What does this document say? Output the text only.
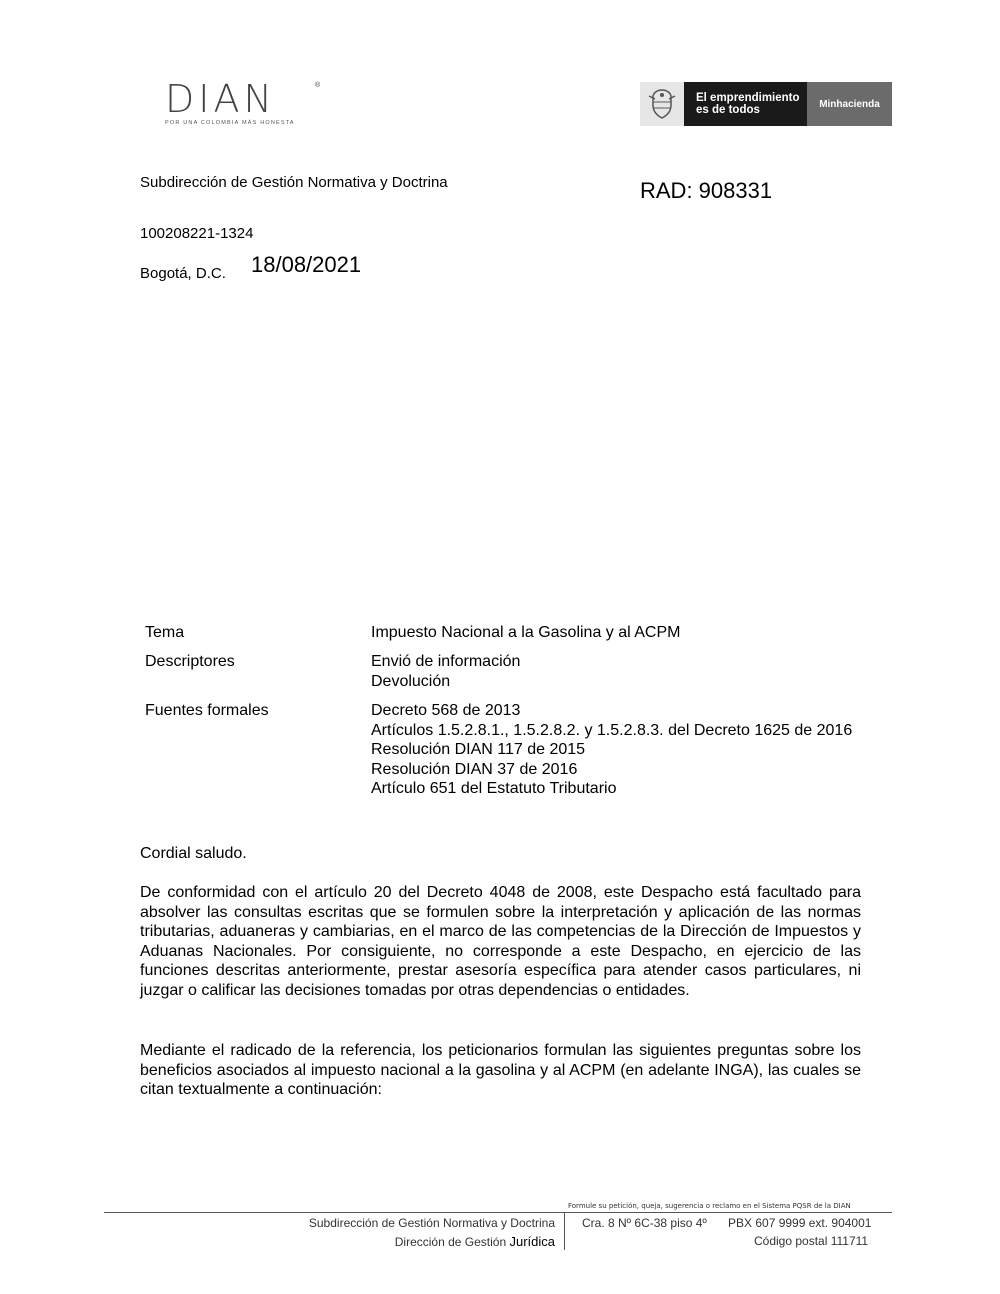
DIAN	®
POR UNA COLOMBIA MÁS HONESTA
El emprendimiento
es de todos	Minhacienda
Subdirección de Gestión Normativa y Doctrina	RAD: 908331
100208221-1324
Bogotá, D.C. 18/08/2021
Tema	Impuesto Nacional a la Gasolina y al ACPM
Descriptores	Envió de información
Devolución
Fuentes formales	Decreto 568 de 2013
Artículos 1.5.2.8.1., 1.5.2.8.2. y 1.5.2.8.3. del Decreto 1625 de 2016
Resolución DIAN 117 de 2015
Resolución DIAN 37 de 2016
Artículo 651 del Estatuto Tributario
Cordial saludo.
De conformidad con el artículo 20 del Decreto 4048 de 2008, este Despacho está facultado para absolver las consultas escritas que se formulen sobre la interpretación y aplicación de las normas tributarias, aduaneras y cambiarias, en el marco de las competencias de la Dirección de Impuestos y Aduanas Nacionales. Por consiguiente, no corresponde a este Despacho, en ejercicio de las funciones descritas anteriormente, prestar asesoría específica para atender casos particulares, ni juzgar o calificar las decisiones tomadas por otras dependencias o entidades.
Mediante el radicado de la referencia, los peticionarios formulan las siguientes preguntas sobre los beneficios asociados al impuesto nacional a la gasolina y al ACPM (en adelante INGA), las cuales se citan textualmente a continuación:
Formule su petición, queja, sugerencia o reclamo en el Sistema PQSR de la DIAN
Subdirección de Gestión Normativa y Doctrina
Dirección de Gestión Jurídica
Cra. 8 Nº 6C-38 piso 4º PBX 607 9999 ext. 904001
Código postal 111711
